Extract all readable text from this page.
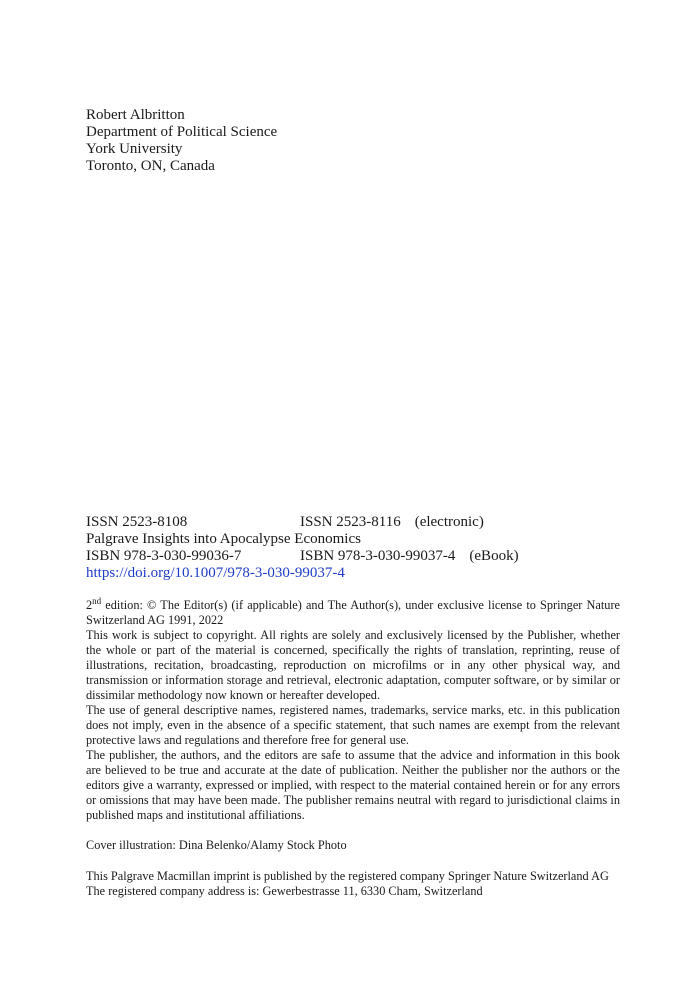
Robert Albritton
Department of Political Science
York University
Toronto, ON, Canada
ISSN 2523-8108	ISSN 2523-8116 (electronic)
Palgrave Insights into Apocalypse Economics
ISBN 978-3-030-99036-7	ISBN 978-3-030-99037-4 (eBook)
https://doi.org/10.1007/978-3-030-99037-4

2nd edition: © The Editor(s) (if applicable) and The Author(s), under exclusive license to Springer Nature Switzerland AG 1991, 2022

This work is subject to copyright. All rights are solely and exclusively licensed by the Publisher, whether the whole or part of the material is concerned, specifically the rights of translation, reprinting, reuse of illustrations, recitation, broadcasting, reproduction on microfilms or in any other physical way, and transmission or information storage and retrieval, electronic adaptation, computer software, or by similar or dissimilar methodology now known or hereafter developed.

The use of general descriptive names, registered names, trademarks, service marks, etc. in this publication does not imply, even in the absence of a specific statement, that such names are exempt from the relevant protective laws and regulations and therefore free for general use.

The publisher, the authors, and the editors are safe to assume that the advice and information in this book are believed to be true and accurate at the date of publication. Neither the publisher nor the authors or the editors give a warranty, expressed or implied, with respect to the material contained herein or for any errors or omissions that may have been made. The publisher remains neutral with regard to jurisdictional claims in published maps and institutional affiliations.

Cover illustration: Dina Belenko/Alamy Stock Photo

This Palgrave Macmillan imprint is published by the registered company Springer Nature Switzerland AG

The registered company address is: Gewerbestrasse 11, 6330 Cham, Switzerland
